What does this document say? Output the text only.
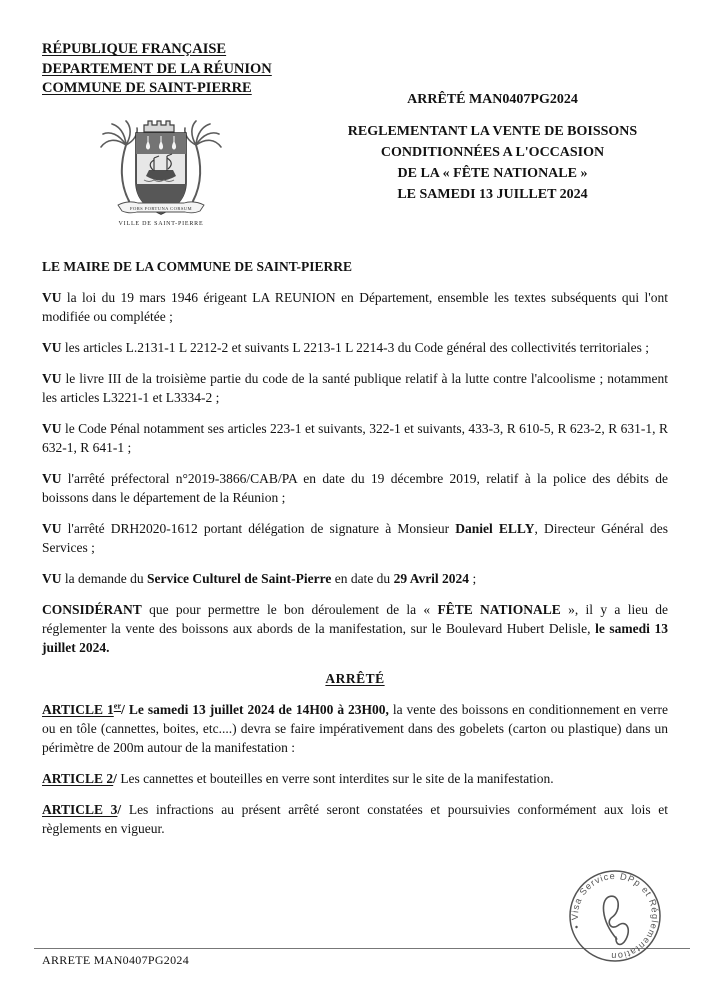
RÉPUBLIQUE FRANÇAISE
DEPARTEMENT DE LA RÉUNION
COMMUNE DE SAINT-PIERRE
ARRÊTÉ MAN0407PG2024
REGLEMENTANT LA VENTE DE BOISSONS
CONDITIONNÉES A L'OCCASION
DE LA « FÊTE NATIONALE »
LE SAMEDI 13 JUILLET 2024
FORS FORTUNA CORSUM
VILLE DE SAINT-PIERRE

LE MAIRE DE LA COMMUNE DE SAINT-PIERRE

VU la loi du 19 mars 1946 érigeant LA REUNION en Département, ensemble les textes subséquents qui l'ont modifiée ou complétée ;

VU les articles L.2131-1 L 2212-2 et suivants L 2213-1 L 2214-3 du Code général des collectivités territoriales ;

VU le livre III de la troisième partie du code de la santé publique relatif à la lutte contre l'alcoolisme ; notamment les articles L3221-1 et L3334-2 ;

VU le Code Pénal notamment ses articles 223-1 et suivants, 322-1 et suivants, 433-3, R 610-5, R 623-2, R 631-1, R 632-1, R 641-1 ;

VU l'arrêté préfectoral n°2019-3866/CAB/PA en date du 19 décembre 2019, relatif à la police des débits de boissons dans le département de la Réunion ;

VU l'arrêté DRH2020-1612 portant délégation de signature à Monsieur Daniel ELLY, Directeur Général des Services ;

VU la demande du Service Culturel de Saint-Pierre en date du 29 Avril 2024 ;

CONSIDÉRANT que pour permettre le bon déroulement de la « FÊTE NATIONALE », il y a lieu de réglementer la vente des boissons aux abords de la manifestation, sur le Boulevard Hubert Delisle, le samedi 13 juillet 2024.

ARRÊTÉ

ARTICLE 1er/ Le samedi 13 juillet 2024 de 14H00 à 23H00, la vente des boissons en conditionnement en verre ou en tôle (cannettes, boites, etc....) devra se faire impérativement dans des gobelets (carton ou plastique) dans un périmètre de 200m autour de la manifestation :

ARTICLE 2/ Les cannettes et bouteilles en verre sont interdites sur le site de la manifestation.

ARTICLE 3/ Les infractions au présent arrêté seront constatées et poursuivies conformément aux lois et règlements en vigueur.

• Visa Service DPp et Réglementation
ARRETE MAN0407PG2024
